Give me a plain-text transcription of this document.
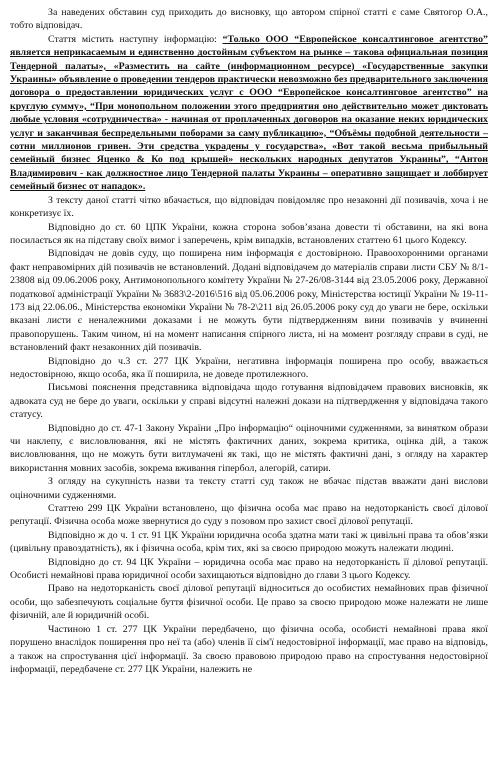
За наведених обставин суд приходить до висновку, що автором спірної статті є саме Святогор О.А., тобто відповідач.

Стаття містить наступну інформацію: “Только ООО “Европейское консалтинговое агентство” является неприкасаемым и единственно достойным субъектом на рынке – такова официальная позиция Тендерной палаты», «Разместить на сайте (информационном ресурсе) «Государственные закупки Украины» объявление о проведении тендеров практически невозможно без предварительного заключения договора о предоставлении юридических услуг с ООО “Европейское консалтинговое агентство” на круглую сумму», “При монопольном положении этого предприятия оно действительно может диктовать любые условия «сотрудничества» - начиная от проплаченных договоров на оказание неких юридических услуг и заканчивая беспредельными поборами за саму публикацию», “Объёмы подобной деятельности – сотни миллионов гривен. Эти средства украдены у государства», «Вот такой весьма прибыльный семейный бизнес Яценко & Ко под крышей» нескольких народных депутатов Украины”, “Антон Владимирович - как должностное лицо Тендерной палаты Украины – оперативно защищает и лоббирует семейный бизнес от нападок».

З тексту даної статті чітко вбачається, що відповідач повідомляє про незаконні дії позивачів, хоча і не конкретизує їх.

Відповідно до ст. 60 ЦПК України, кожна сторона зобов’язана довести ті обставини, на які вона посилається як на підставу своїх вимог і заперечень, крім випадків, встановлених статтею 61 цього Кодексу.

Відповідач не довів суду, що поширена ним інформація є достовірною. Правоохоронними органами факт неправомірних дій позивачів не встановлений. Додані відповідачем до матеріалів справи листи СБУ № 8/1-23808 від 09.06.2006 року, Антимонопольного комітету України № 27-26/08-3144 від 23.05.2006 року, Державної податкової адміністрації України № 3683\2-2016\516 від 05.06.2006 року, Міністерства юстиції України № 19-11-173 від 22.06.06., Міністерства економіки України № 78-2\211 від 26.05.2006 року суд до уваги не бере, оскільки вказані листи є неналежними доказами і не можуть бути підтвердженням вини позивачів у вчиненні правопорушень. Таким чином, ні на момент написання спірного листа, ні на момент розгляду справи в суді, не встановлений факт незаконних дій позивачів.

Відповідно до ч.3 ст. 277 ЦК України, негативна інформація поширена про особу, вважається недостовірною, якщо особа, яка її поширила, не доведе протилежного.

Письмові пояснення представника відповідача щодо готування відповідачем правових висновків, як адвоката суд не бере до уваги, оскільки у справі відсутні належні докази на підтвердження у відповідача такого статусу.

Відповідно до ст. 47-1 Закону України „Про інформацію“ оціночними судженнями, за винятком образи чи наклепу, є висловлювання, які не містять фактичних даних, зокрема критика, оцінка дій, а також висловлювання, що не можуть бути витлумачені як такі, що не містять фактичні дані, з огляду на характер використання мовних засобів, зокрема вживання гіпербол, алегорій, сатири.

З огляду на сукупність назви та тексту статті суд також не вбачає підстав вважати дані вислови оціночними судженнями.

Статтею 299 ЦК України встановлено, що фізична особа має право на недоторканість своєї ділової репутації. Фізична особа може звернутися до суду з позовом про захист своєї ділової репутації.

Відповідно ж до ч. 1 ст. 91 ЦК України юридична особа здатна мати такі ж цивільні права та обов’язки (цивільну правоздатність), як і фізична особа, крім тих, які за своєю природою можуть належати людині.

Відповідно до ст. 94 ЦК України – юридична особа має право на недоторканість її ділової репутації. Особисті немайнові права юридичної особи захищаються відповідно до глави 3 цього Кодексу.

Право на недоторканість своєї ділової репутації відноситься до особистих немайнових прав фізичної особи, що забезпечують соціальне буття фізичної особи. Це право за своєю природою може належати не лише фізичній, але й юридичній особі.

Частиною 1 ст. 277 ЦК України передбачено, що фізична особа, особисті немайнові права якої порушено внаслідок поширення про неї та (або) членів її сім'ї недостовірної інформації, має право на відповідь, а також на спростування цієї інформації. За своєю правовою природою право на спростування недостовірної інформації, передбачене ст. 277 ЦК України, належить не
